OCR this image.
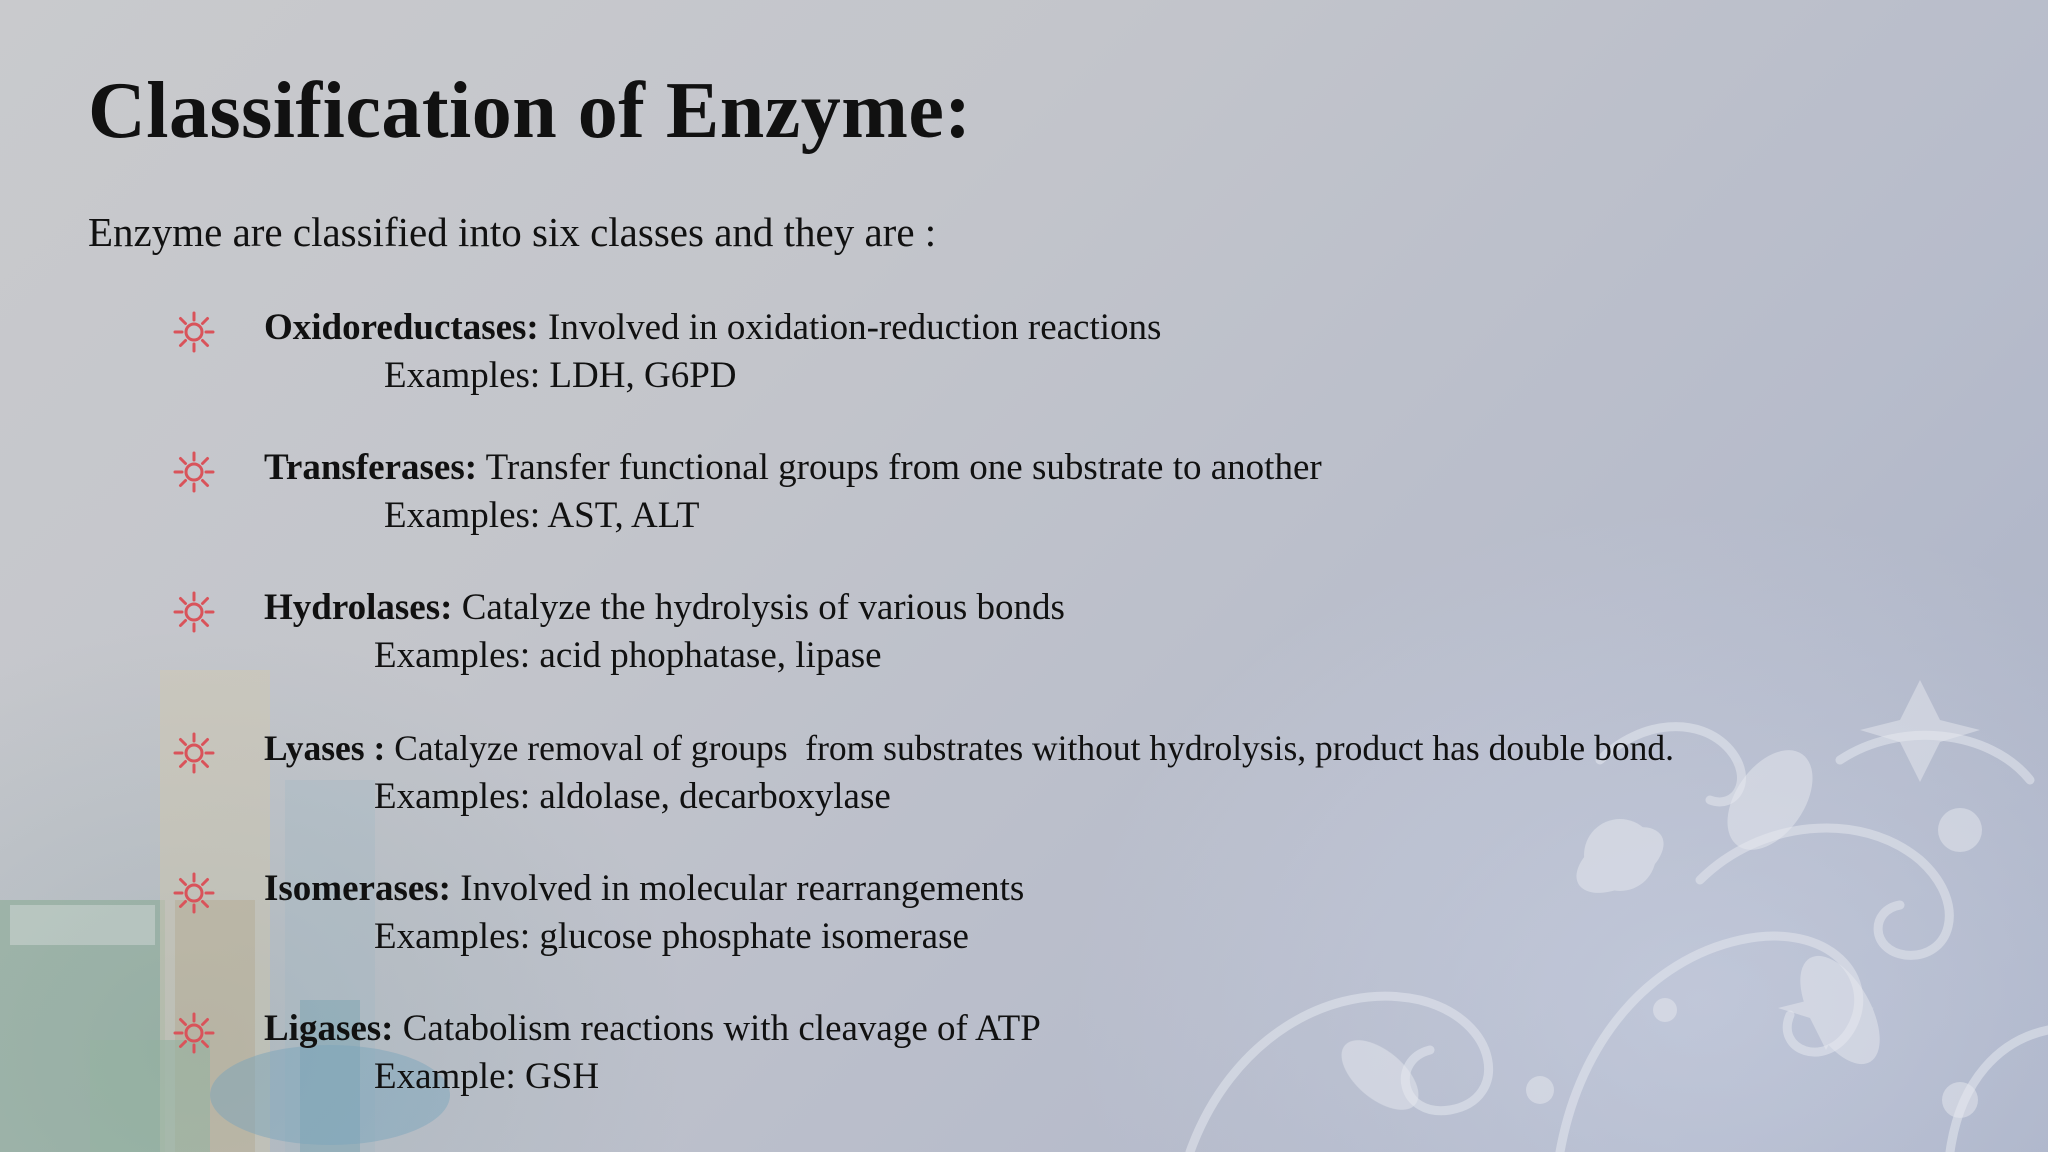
Classification of Enzyme:
Enzyme are classified into six classes and they are :
Oxidoreductases: Involved in oxidation-reduction reactions
Examples: LDH, G6PD
Transferases: Transfer functional groups from one substrate to another
Examples: AST, ALT
Hydrolases: Catalyze the hydrolysis of various bonds
Examples: acid phophatase, lipase
Lyases : Catalyze removal of groups  from substrates without hydrolysis, product has double bond.
Examples: aldolase, decarboxylase
Isomerases: Involved in molecular rearrangements
Examples: glucose phosphate isomerase
Ligases: Catabolism reactions with cleavage of ATP
Example: GSH
